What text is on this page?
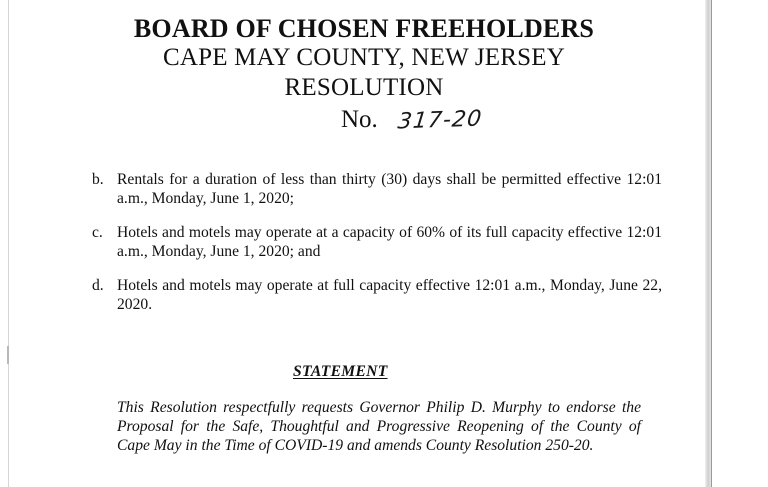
BOARD OF CHOSEN FREEHOLDERS
CAPE MAY COUNTY, NEW JERSEY
RESOLUTION
No. 317-20
b. Rentals for a duration of less than thirty (30) days shall be permitted effective 12:01 a.m., Monday, June 1, 2020;
c. Hotels and motels may operate at a capacity of 60% of its full capacity effective 12:01 a.m., Monday, June 1, 2020; and
d. Hotels and motels may operate at full capacity effective 12:01 a.m., Monday, June 22, 2020.
STATEMENT
This Resolution respectfully requests Governor Philip D. Murphy to endorse the Proposal for the Safe, Thoughtful and Progressive Reopening of the County of Cape May in the Time of COVID-19 and amends County Resolution 250-20.
